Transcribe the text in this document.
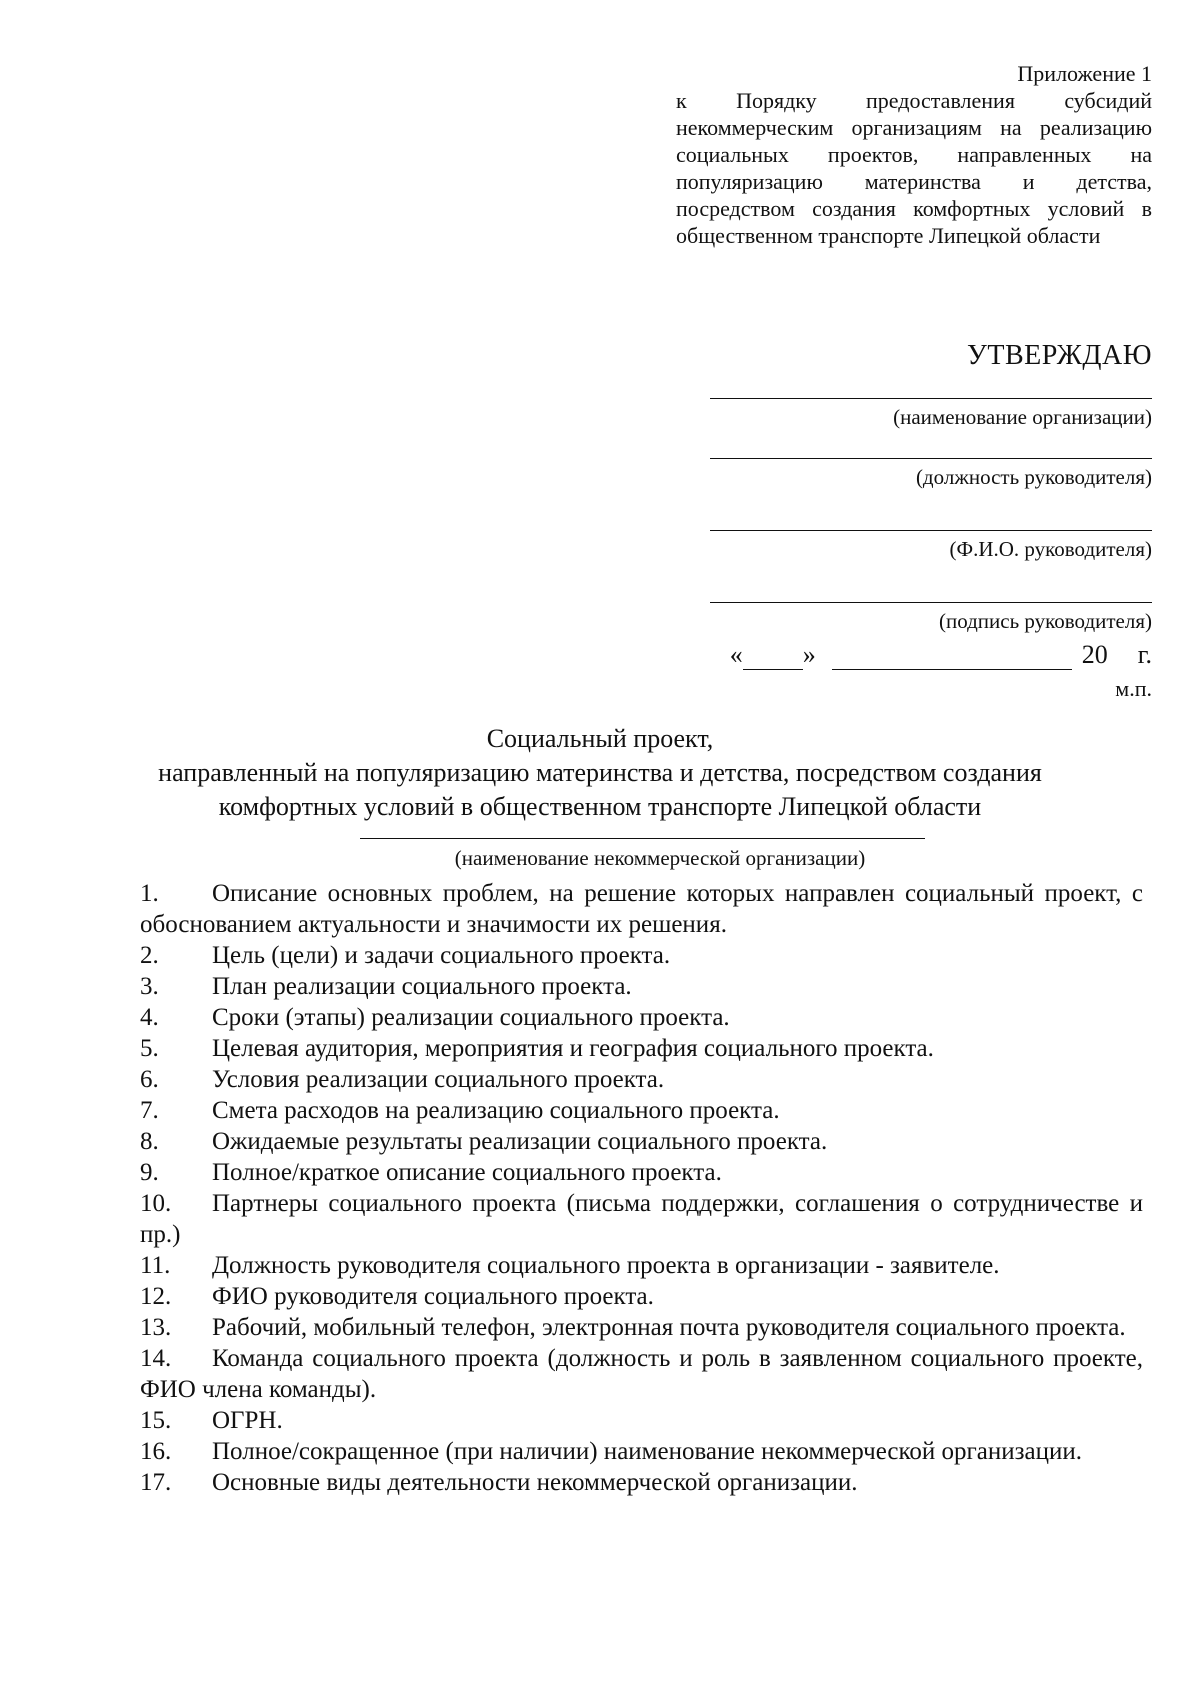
Приложение 1
к Порядку предоставления субсидий некоммерческим организациям на реализацию социальных проектов, направленных на популяризацию материнства и детства, посредством создания комфортных условий в общественном транспорте Липецкой области
УТВЕРЖДАЮ
(наименование организации)
(должность руководителя)
(Ф.И.О. руководителя)
(подпись руководителя)
« »	20 г.
м.п.
Социальный проект,
направленный на популяризацию материнства и детства, посредством создания
комфортных условий в общественном транспорте Липецкой области
(наименование некоммерческой организации)
1. Описание основных проблем, на решение которых направлен социальный проект, с обоснованием актуальности и значимости их решения.
2. Цель (цели) и задачи социального проекта.
3. План реализации социального проекта.
4. Сроки (этапы) реализации социального проекта.
5. Целевая аудитория, мероприятия и география социального проекта.
6. Условия реализации социального проекта.
7. Смета расходов на реализацию социального проекта.
8. Ожидаемые результаты реализации социального проекта.
9. Полное/краткое описание социального проекта.
10. Партнеры социального проекта (письма поддержки, соглашения о сотрудничестве и пр.)
11. Должность руководителя социального проекта в организации - заявителе.
12. ФИО руководителя социального проекта.
13. Рабочий, мобильный телефон, электронная почта руководителя социального проекта.
14. Команда социального проекта (должность и роль в заявленном социального проекте, ФИО члена команды).
15. ОГРН.
16. Полное/сокращенное (при наличии) наименование некоммерческой организации.
17. Основные виды деятельности некоммерческой организации.
